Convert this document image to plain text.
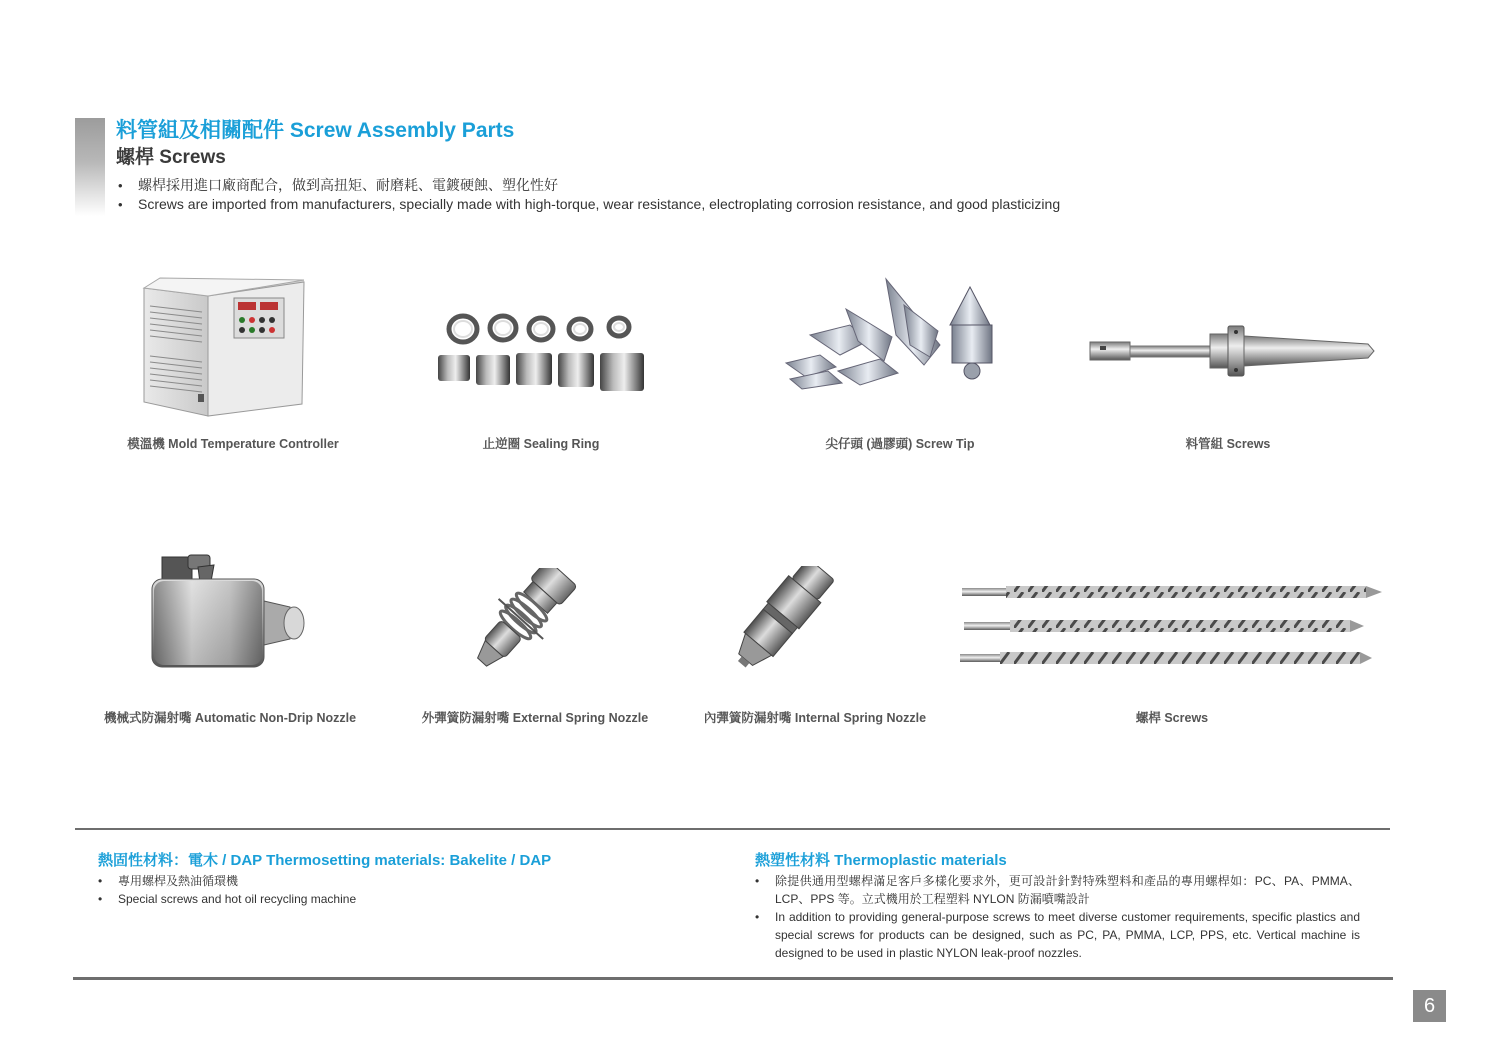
料管組及相關配件 Screw Assembly Parts
螺桿 Screws
• 螺桿採用進口廠商配合，做到高扭矩、耐磨耗、電鍍硬蝕、塑化性好
• Screws are imported from manufacturers, specially made with high-torque, wear resistance, electroplating corrosion resistance, and good plasticizing
模溫機 Mold Temperature Controller	止逆圈 Sealing Ring	尖仔頭 (過膠頭) Screw Tip	料管組 Screws
機械式防漏射嘴 Automatic Non-Drip Nozzle	外彈簧防漏射嘴 External Spring Nozzle	內彈簧防漏射嘴 Internal Spring Nozzle	螺桿 Screws
熱固性材料：電木 / DAP Thermosetting materials: Bakelite / DAP
• 專用螺桿及熱油循環機
• Special screws and hot oil recycling machine
熱塑性材料 Thermoplastic materials
• 除提供通用型螺桿滿足客戶多樣化要求外，更可設計針對特殊塑料和產品的專用螺桿如：PC、PA、PMMA、LCP、PPS 等。立式機用於工程塑料 NYLON 防漏噴嘴設計
• In addition to providing general-purpose screws to meet diverse customer requirements, specific plastics and special screws for products can be designed, such as PC, PA, PMMA, LCP, PPS, etc. Vertical machine is designed to be used in plastic NYLON leak-proof nozzles.
6
